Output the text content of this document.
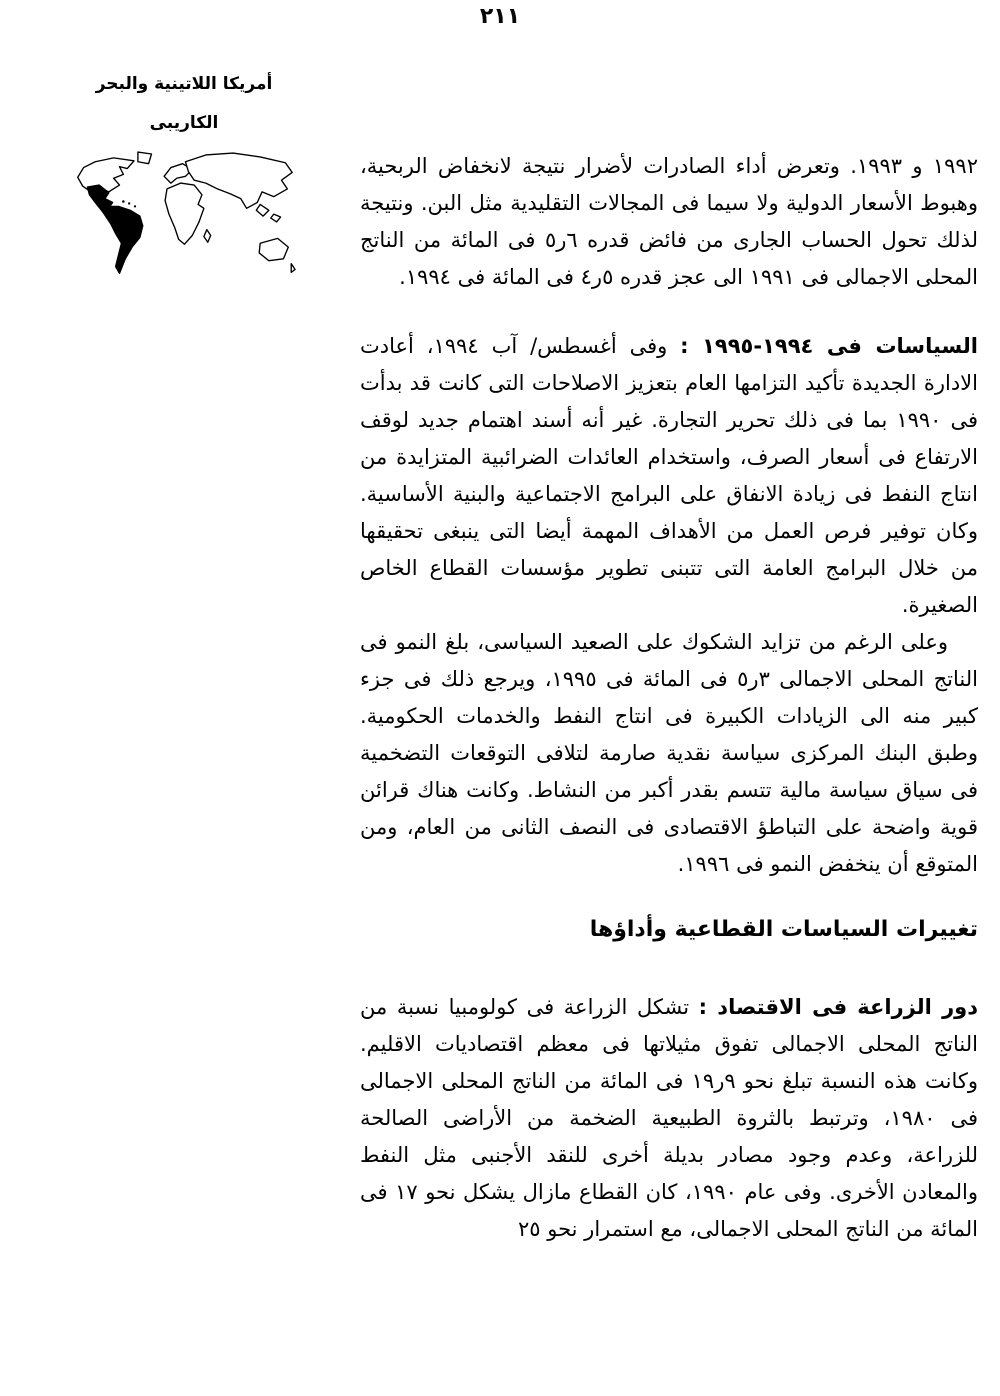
٢١١
أمريكا اللاتينية والبحر
الكاريبى

١٩٩٢ و ١٩٩٣. وتعرض أداء الصادرات لأضرار نتيجة لانخفاض الربحية، وهبوط الأسعار الدولية ولا سيما فى المجالات التقليدية مثل البن. ونتيجة لذلك تحول الحساب الجارى من فائض قدره ٦ر٥ فى المائة من الناتج المحلى الاجمالى فى ١٩٩١ الى عجز قدره ٥ر٤ فى المائة فى ١٩٩٤.

السياسات فى ١٩٩٤-١٩٩٥ : وفى أغسطس/ آب ١٩٩٤، أعادت الادارة الجديدة تأكيد التزامها العام بتعزيز الاصلاحات التى كانت قد بدأت فى ١٩٩٠ بما فى ذلك تحرير التجارة. غير أنه أسند اهتمام جديد لوقف الارتفاع فى أسعار الصرف، واستخدام العائدات الضرائبية المتزايدة من انتاج النفط فى زيادة الانفاق على البرامج الاجتماعية والبنية الأساسية. وكان توفير فرص العمل من الأهداف المهمة أيضا التى ينبغى تحقيقها من خلال البرامج العامة التى تتبنى تطوير مؤسسات القطاع الخاص الصغيرة.

وعلى الرغم من تزايد الشكوك على الصعيد السياسى، بلغ النمو فى الناتج المحلى الاجمالى ٣ر٥ فى المائة فى ١٩٩٥، ويرجع ذلك فى جزء كبير منه الى الزيادات الكبيرة فى انتاج النفط والخدمات الحكومية. وطبق البنك المركزى سياسة نقدية صارمة لتلافى التوقعات التضخمية فى سياق سياسة مالية تتسم بقدر أكبر من النشاط. وكانت هناك قرائن قوية واضحة على التباطؤ الاقتصادى فى النصف الثانى من العام، ومن المتوقع أن ينخفض النمو فى ١٩٩٦.

تغييرات السياسات القطاعية وأداؤها

دور الزراعة فى الاقتصاد : تشكل الزراعة فى كولومبيا نسبة من الناتج المحلى الاجمالى تفوق مثيلاتها فى معظم اقتصاديات الاقليم. وكانت هذه النسبة تبلغ نحو ٩ر١٩ فى المائة من الناتج المحلى الاجمالى فى ١٩٨٠، وترتبط بالثروة الطبيعية الضخمة من الأراضى الصالحة للزراعة، وعدم وجود مصادر بديلة أخرى للنقد الأجنبى مثل النفط والمعادن الأخرى. وفى عام ١٩٩٠، كان القطاع مازال يشكل نحو ١٧ فى المائة من الناتج المحلى الاجمالى، مع استمرار نحو ٢٥
